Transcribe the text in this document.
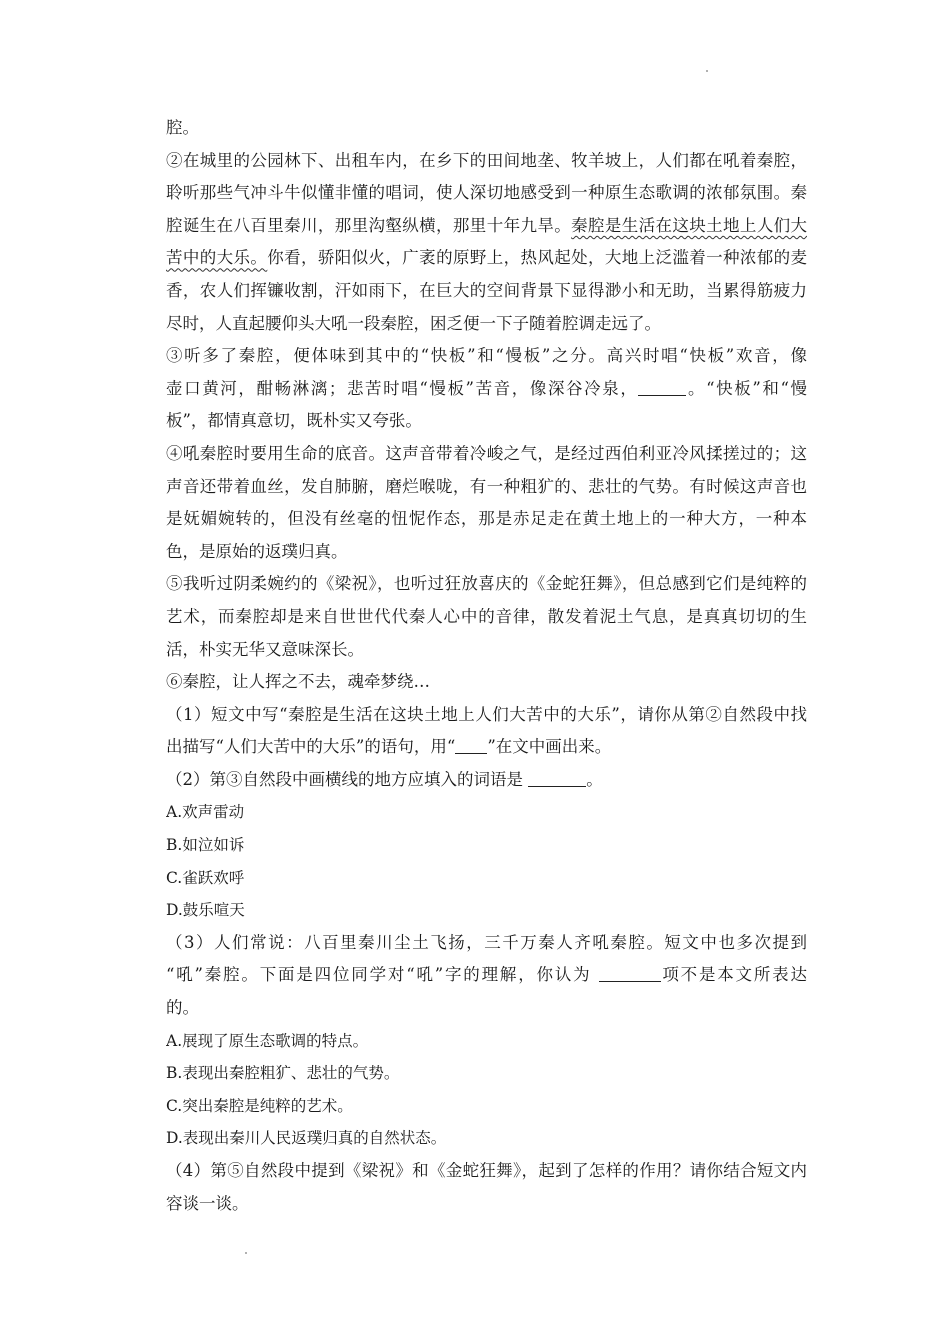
腔。
②在城里的公园林下、出租车内，在乡下的田间地垄、牧羊坡上，人们都在吼着秦腔，
聆听那些气冲斗牛似懂非懂的唱词，使人深切地感受到一种原生态歌调的浓郁氛围。秦
腔诞生在八百里秦川，那里沟壑纵横，那里十年九旱。秦腔是生活在这块土地上人们大
苦中的大乐。你看，骄阳似火，广袤的原野上，热风起处，大地上泛滥着一种浓郁的麦
香，农人们挥镰收割，汗如雨下，在巨大的空间背景下显得渺小和无助，当累得筋疲力
尽时，人直起腰仰头大吼一段秦腔，困乏便一下子随着腔调走远了。
③听多了秦腔，便体味到其中的“快板”和“慢板”之分。高兴时唱“快板”欢音，像
壶口黄河，酣畅淋漓；悲苦时唱“慢板”苦音，像深谷冷泉，	。“快板”和“慢
板”，都情真意切，既朴实又夸张。
④吼秦腔时要用生命的底音。这声音带着冷峻之气，是经过西伯利亚冷风揉搓过的；这
声音还带着血丝，发自肺腑，磨烂喉咙，有一种粗犷的、悲壮的气势。有时候这声音也
是妩媚婉转的，但没有丝毫的忸怩作态，那是赤足走在黄土地上的一种大方，一种本
色，是原始的返璞归真。
⑤我听过阴柔婉约的《梁祝》，也听过狂放喜庆的《金蛇狂舞》，但总感到它们是纯粹的
艺术，而秦腔却是来自世世代代秦人心中的音律，散发着泥土气息，是真真切切的生
活，朴实无华又意味深长。
⑥秦腔，让人挥之不去，魂牵梦绕…
（1）短文中写“秦腔是生活在这块土地上人们大苦中的大乐”，请你从第②自然段中找
出描写“人们大苦中的大乐”的语句，用“ ”在文中画出来。
（2）第③自然段中画横线的地方应填入的词语是	。
A.欢声雷动
B.如泣如诉
C.雀跃欢呼
D.鼓乐喧天
（3）人们常说：八百里秦川尘土飞扬，三千万秦人齐吼秦腔。短文中也多次提到
“吼”秦腔。下面是四位同学对“吼”字的理解，你认为	项不是本文所表达
的。
A.展现了原生态歌调的特点。
B.表现出秦腔粗犷、悲壮的气势。
C.突出秦腔是纯粹的艺术。
D.表现出秦川人民返璞归真的自然状态。
（4）第⑤自然段中提到《梁祝》和《金蛇狂舞》，起到了怎样的作用？请你结合短文内
容谈一谈。
